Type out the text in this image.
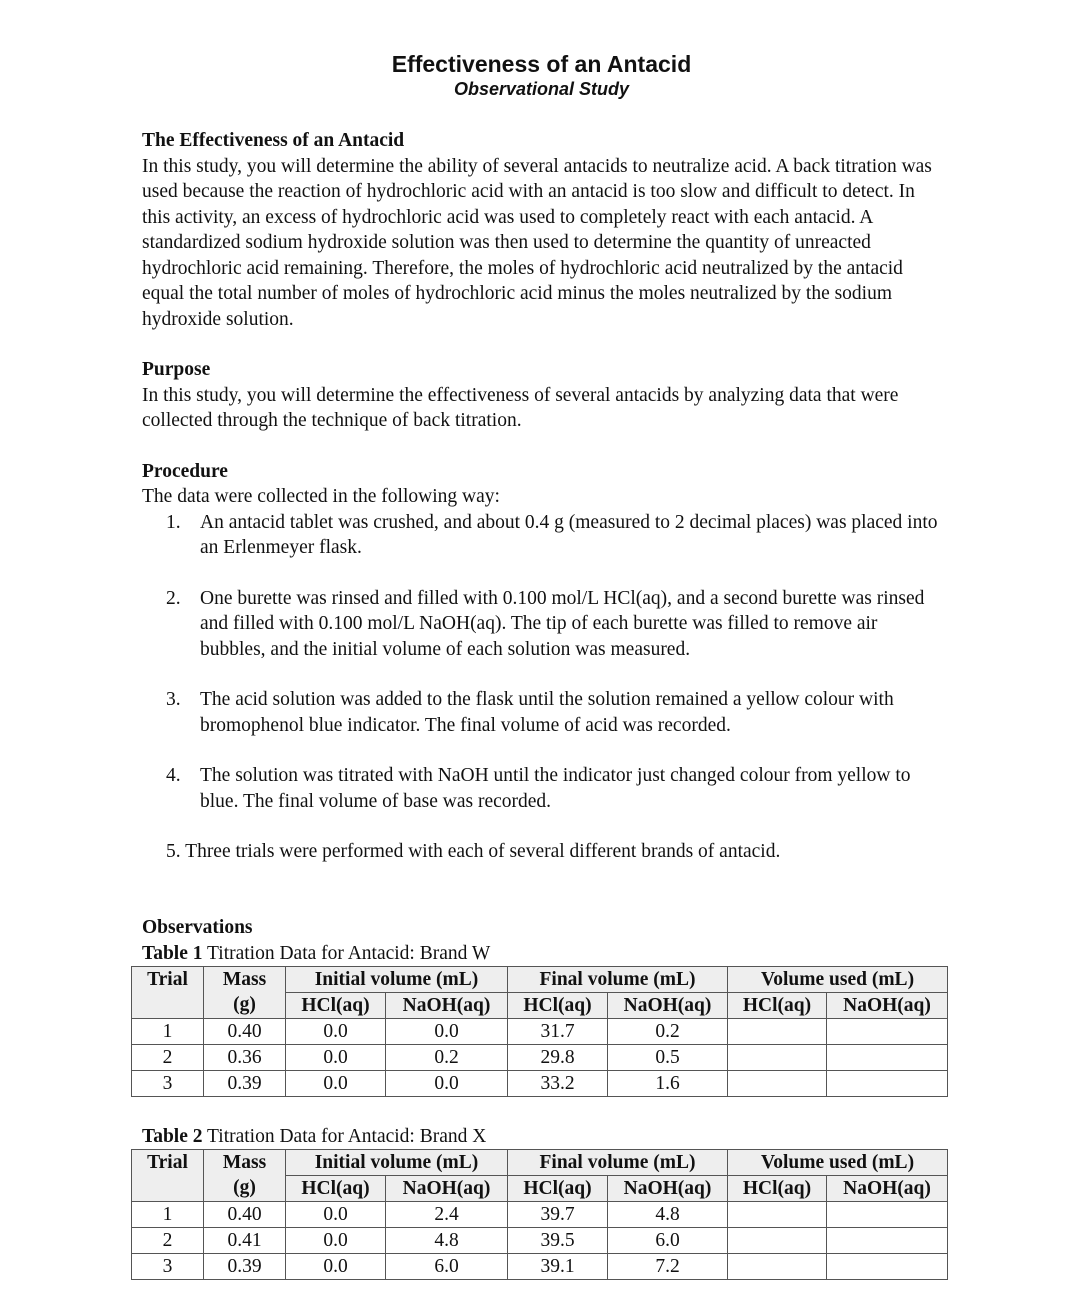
Effectiveness of an Antacid
Observational Study
The Effectiveness of an Antacid

In this study, you will determine the ability of several antacids to neutralize acid. A back titration was used because the reaction of hydrochloric acid with an antacid is too slow and difficult to detect. In this activity, an excess of hydrochloric acid was used to completely react with each antacid. A standardized sodium hydroxide solution was then used to determine the quantity of unreacted hydrochloric acid remaining. Therefore, the moles of hydrochloric acid neutralized by the antacid equal the total number of moles of hydrochloric acid minus the moles neutralized by the sodium hydroxide solution.

Purpose

In this study, you will determine the effectiveness of several antacids by analyzing data that were collected through the technique of back titration.

Procedure
The data were collected in the following way:
1. An antacid tablet was crushed, and about 0.4 g (measured to 2 decimal places) was placed into an Erlenmeyer flask.
2. One burette was rinsed and filled with 0.100 mol/L HCl(aq), and a second burette was rinsed and filled with 0.100 mol/L NaOH(aq). The tip of each burette was filled to remove air bubbles, and the initial volume of each solution was measured.
3. The acid solution was added to the flask until the solution remained a yellow colour with bromophenol blue indicator. The final volume of acid was recorded.
4. The solution was titrated with NaOH until the indicator just changed colour from yellow to blue. The final volume of base was recorded.
5. Three trials were performed with each of several different brands of antacid.
Observations
Table 1 Titration Data for Antacid: Brand W
Trial	Mass	Initial volume (mL)		Final volume (mL)		Volume used (mL)	
	(g)	HCl(aq)	NaOH(aq)	HCl(aq)	NaOH(aq)	HCl(aq)	NaOH(aq)
1	0.40	0.0	0.0	31.7	0.2		
2	0.36	0.0	0.2	29.8	0.5		
3	0.39	0.0	0.0	33.2	1.6		
Table 2 Titration Data for Antacid: Brand X
Trial	Mass	Initial volume (mL)		Final volume (mL)		Volume used (mL)	
	(g)	HCl(aq)	NaOH(aq)	HCl(aq)	NaOH(aq)	HCl(aq)	NaOH(aq)
1	0.40	0.0	2.4	39.7	4.8		
2	0.41	0.0	4.8	39.5	6.0		
3	0.39	0.0	6.0	39.1	7.2		
